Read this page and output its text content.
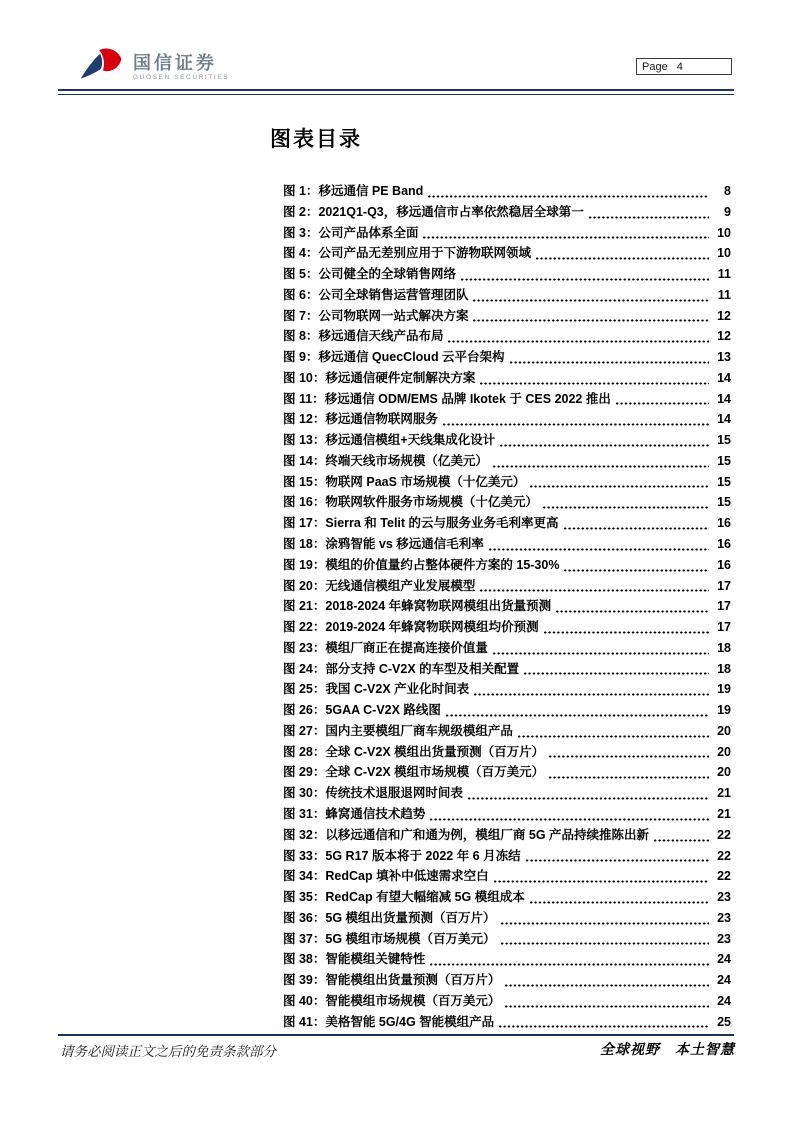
国信证券
GUOSEN SECURITIES
Page 4
图表目录
图 1： 移远通信 PE Band	8
图 2： 2021Q1-Q3，移远通信市占率依然稳居全球第一	9
图 3： 公司产品体系全面	10
图 4： 公司产品无差别应用于下游物联网领域	10
图 5： 公司健全的全球销售网络	11
图 6： 公司全球销售运营管理团队	11
图 7： 公司物联网一站式解决方案	12
图 8： 移远通信天线产品布局	12
图 9： 移远通信 QuecCloud 云平台架构	13
图 10： 移远通信硬件定制解决方案	14
图 11： 移远通信 ODM/EMS 品牌 Ikotek 于 CES 2022 推出	14
图 12： 移远通信物联网服务	14
图 13： 移远通信模组+天线集成化设计	15
图 14： 终端天线市场规模（亿美元）	15
图 15： 物联网 PaaS 市场规模（十亿美元）	15
图 16： 物联网软件服务市场规模（十亿美元）	15
图 17： Sierra 和 Telit 的云与服务业务毛利率更高	16
图 18： 涂鸦智能 vs 移远通信毛利率	16
图 19： 模组的价值量约占整体硬件方案的 15-30%	16
图 20： 无线通信模组产业发展模型	17
图 21： 2018-2024 年蜂窝物联网模组出货量预测	17
图 22： 2019-2024 年蜂窝物联网模组均价预测	17
图 23： 模组厂商正在提高连接价值量	18
图 24： 部分支持 C-V2X 的车型及相关配置	18
图 25： 我国 C-V2X 产业化时间表	19
图 26： 5GAA C-V2X 路线图	19
图 27： 国内主要模组厂商车规级模组产品	20
图 28： 全球 C-V2X 模组出货量预测（百万片）	20
图 29： 全球 C-V2X 模组市场规模（百万美元）	20
图 30： 传统技术退服退网时间表	21
图 31： 蜂窝通信技术趋势	21
图 32： 以移远通信和广和通为例，模组厂商 5G 产品持续推陈出新	22
图 33： 5G R17 版本将于 2022 年 6 月冻结	22
图 34： RedCap 填补中低速需求空白	22
图 35： RedCap 有望大幅缩减 5G 模组成本	23
图 36： 5G 模组出货量预测（百万片）	23
图 37： 5G 模组市场规模（百万美元）	23
图 38： 智能模组关键特性	24
图 39： 智能模组出货量预测（百万片）	24
图 40： 智能模组市场规模（百万美元）	24
图 41： 美格智能 5G/4G 智能模组产品	25
请务必阅读正文之后的免责条款部分	全球视野　本土智慧
